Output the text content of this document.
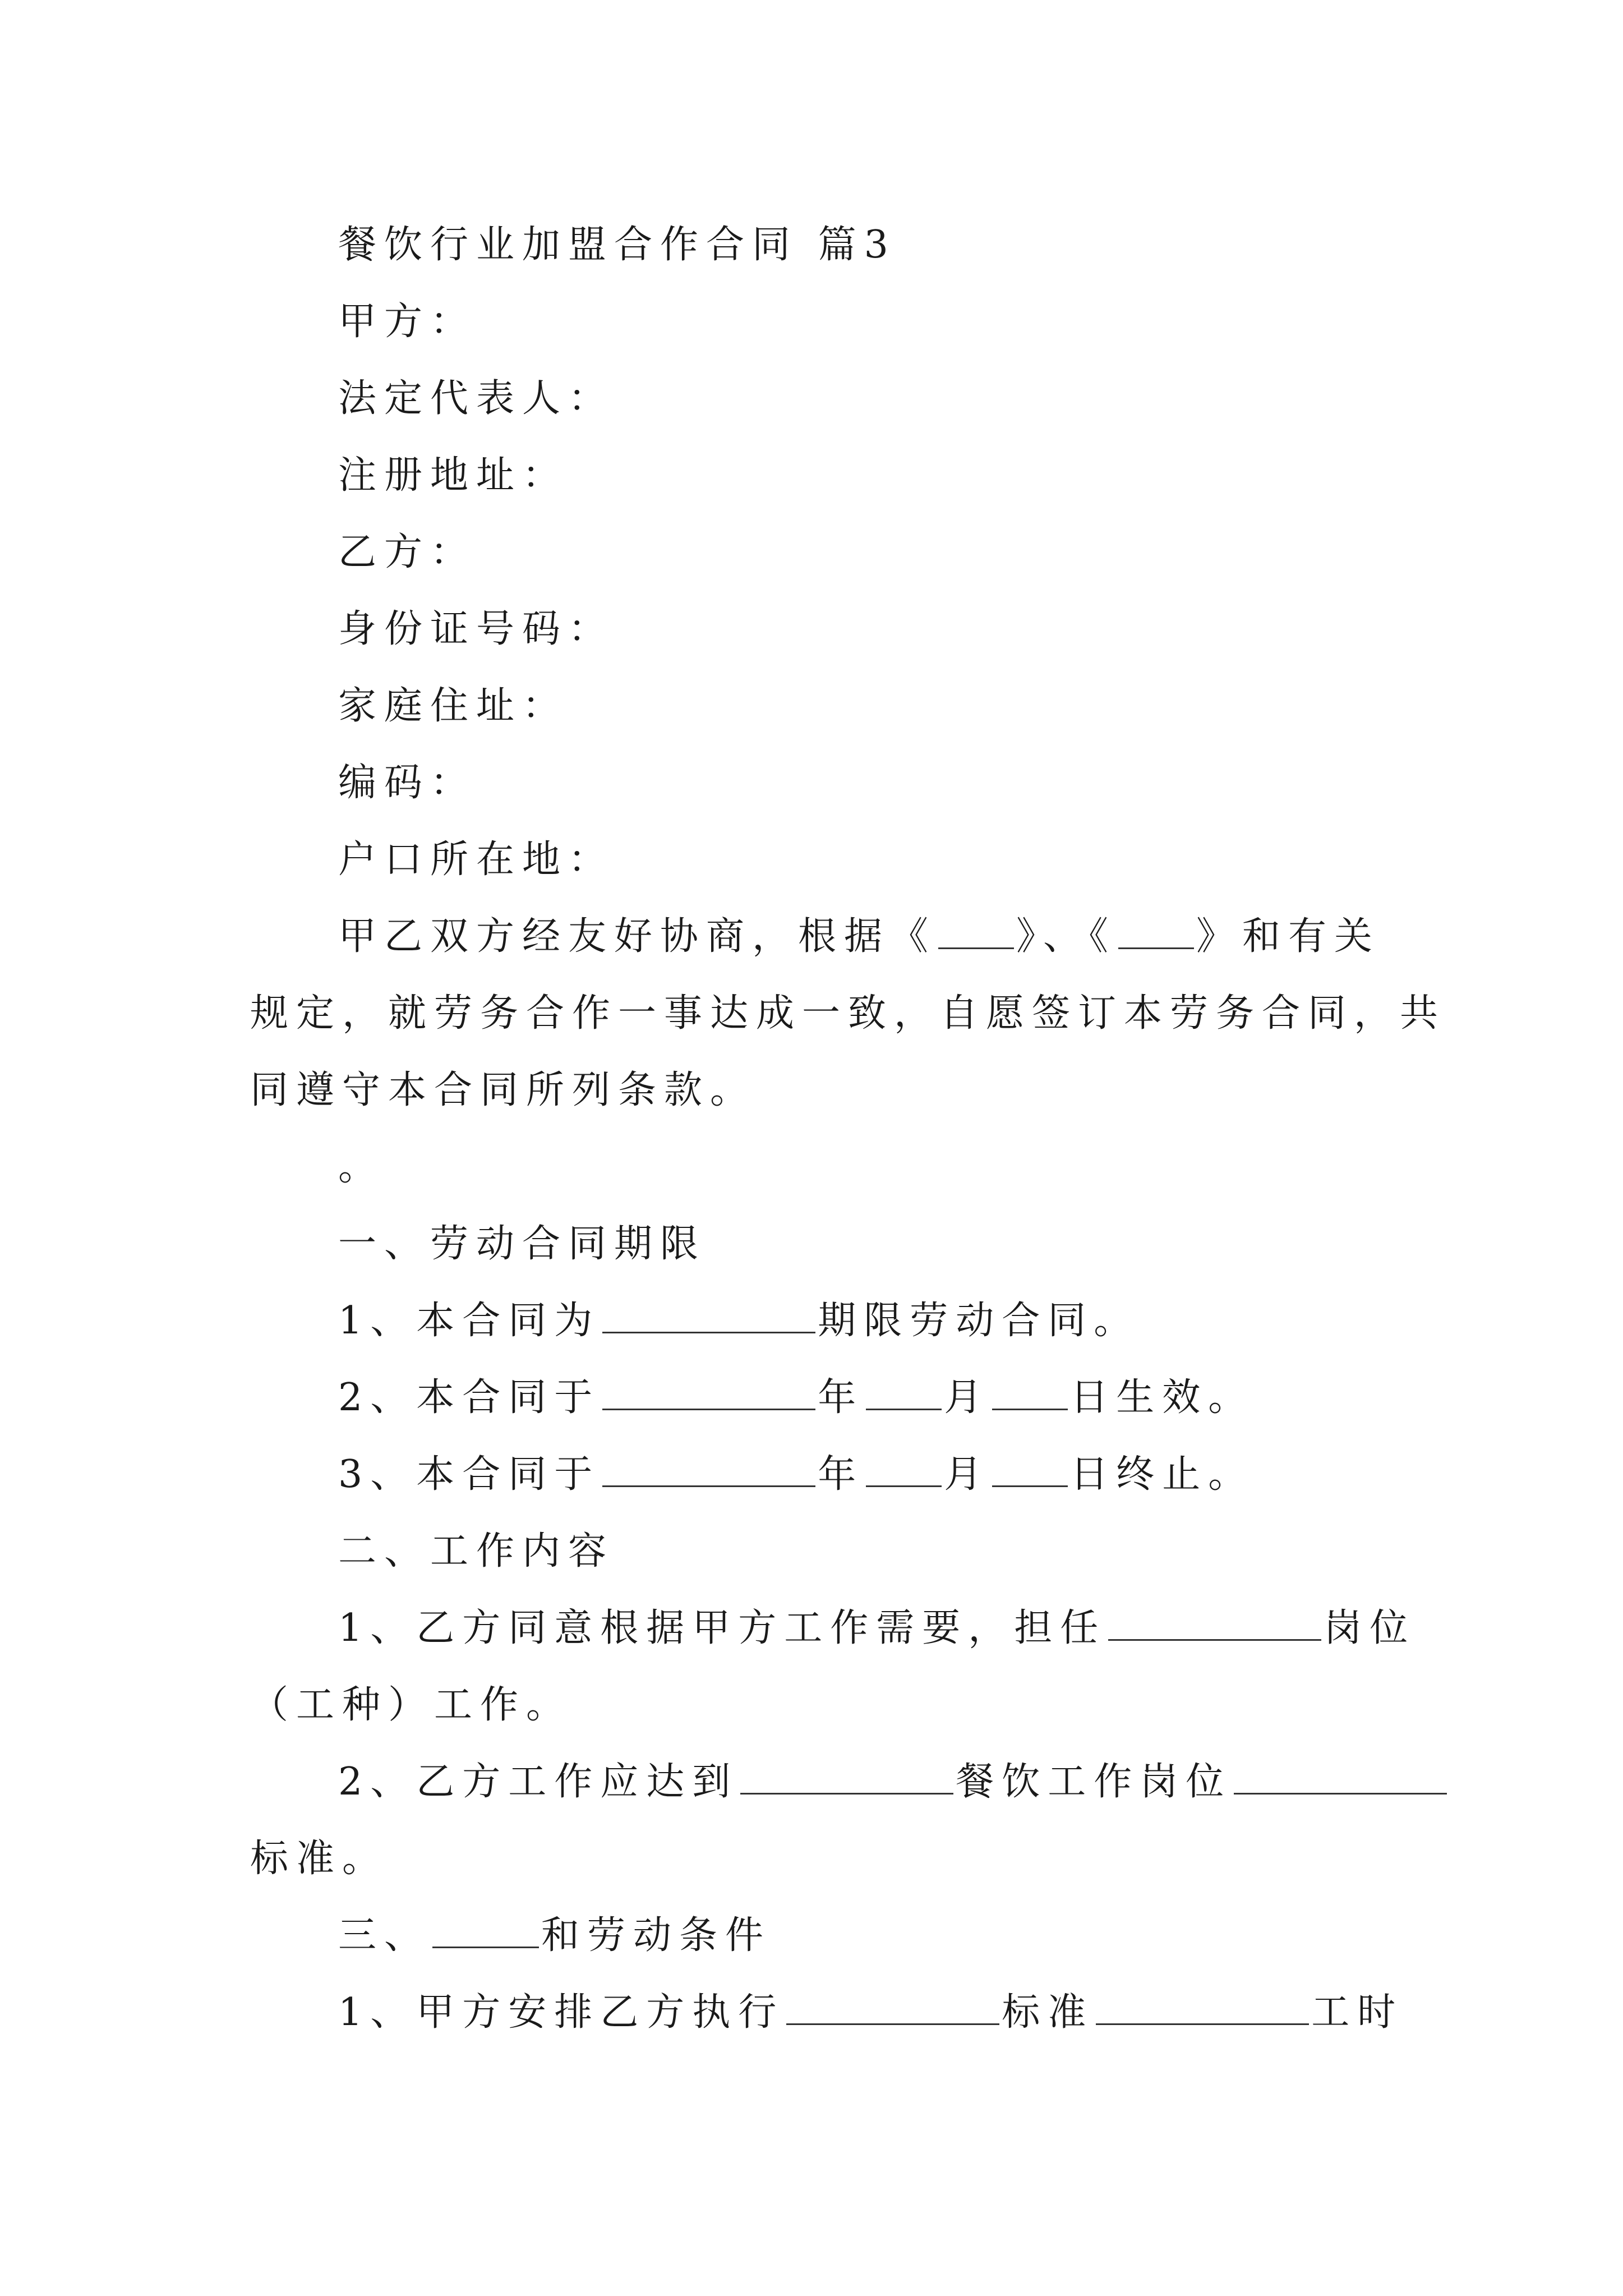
餐饮行业加盟合作合同 篇3
甲方：
法定代表人：
注册地址：
乙方：
身份证号码：
家庭住址：
编码：
户口所在地：
甲乙双方经友好协商，根据《 》、《 》和有关
规定，就劳务合作一事达成一致，自愿签订本劳务合同，共
同遵守本合同所列条款。
。
一、劳动合同期限
1、本合同为	期限劳动合同。
2、本合同于	年 月 日生效。
3、本合同于	年 月 日终止。
二、工作内容
1、乙方同意根据甲方工作需要，担任	岗位
（工种）工作。
2、乙方工作应达到	餐饮工作岗位
标准。
三、	和劳动条件
1、甲方安排乙方执行	标准	工时
